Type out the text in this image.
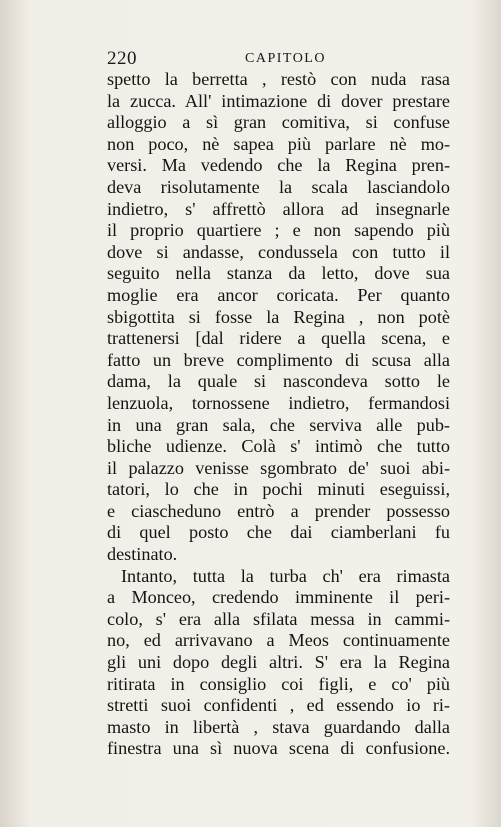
220	CAPITOLO
spetto la berretta , restò con nuda rasa
la zucca. All' intimazione di dover prestare
alloggio a sì gran comitiva, si confuse
non poco, nè sapea più parlare nè mo-
versi. Ma vedendo che la Regina pren-
deva risolutamente la scala lasciandolo
indietro, s' affrettò allora ad insegnarle
il proprio quartiere ; e non sapendo più
dove si andasse, condussela con tutto il
seguito nella stanza da letto, dove sua
moglie era ancor coricata. Per quanto
sbigottita si fosse la Regina , non potè
trattenersi [dal ridere a quella scena, e
fatto un breve complimento di scusa alla
dama, la quale si nascondeva sotto le
lenzuola, tornossene indietro, fermandosi
in una gran sala, che serviva alle pub-
bliche udienze. Colà s' intimò che tutto
il palazzo venisse sgombrato de' suoi abi-
tatori, lo che in pochi minuti eseguissi,
e ciascheduno entrò a prender possesso
di quel posto che dai ciamberlani fu
destinato.
Intanto, tutta la turba ch' era rimasta
a Monceo, credendo imminente il peri-
colo, s' era alla sfilata messa in cammi-
no, ed arrivavano a Meos continuamente
gli uni dopo degli altri. S' era la Regina
ritirata in consiglio coi figli, e co' più
stretti suoi confidenti , ed essendo io ri-
masto in libertà , stava guardando dalla
finestra una sì nuova scena di confusione.
